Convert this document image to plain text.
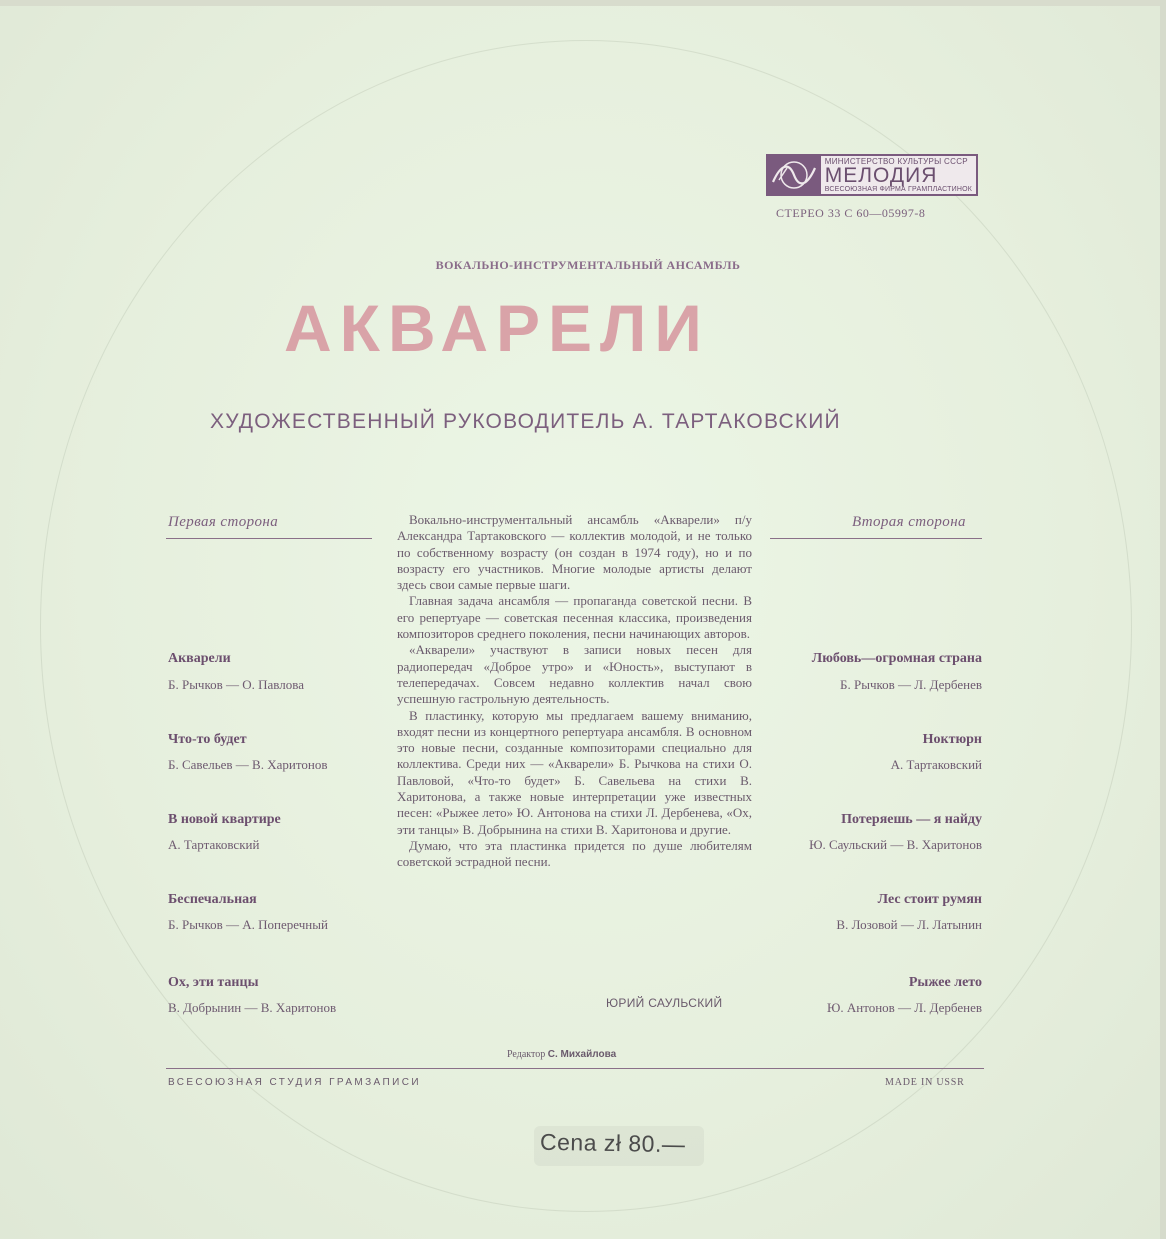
МИНИСТЕРСТВО КУЛЬТУРЫ СССР
МЕЛОДИЯ
ВСЕСОЮЗНАЯ ФИРМА ГРАМПЛАСТИНОК
СТЕРЕО 33 С 60—05997-8
ВОКАЛЬНО-ИНСТРУМЕНТАЛЬНЫЙ АНСАМБЛЬ
АКВАРЕЛИ
ХУДОЖЕСТВЕННЫЙ РУКОВОДИТЕЛЬ А. ТАРТАКОВСКИЙ
Первая сторона
Акварели
Б. Рычков — О. Павлова
Что-то будет
Б. Савельев — В. Харитонов
В новой квартире
А. Тартаковский
Беспечальная
Б. Рычков — А. Поперечный
Ох, эти танцы
В. Добрынин — В. Харитонов
Вторая сторона
Любовь—огромная страна
Б. Рычков — Л. Дербенев
Ноктюрн
А. Тартаковский
Потеряешь — я найду
Ю. Саульский — В. Харитонов
Лес стоит румян
В. Лозовой — Л. Латынин
Рыжее лето
Ю. Антонов — Л. Дербенев

Вокально-инструментальный ансамбль «Акварели» п/у Александра Тартаковского — коллектив молодой, и не только по собственному возрасту (он создан в 1974 году), но и по возрасту его участников. Многие молодые артисты делают здесь свои самые первые шаги.

Главная задача ансамбля — пропаганда советской песни. В его репертуаре — советская песенная классика, произведения композиторов среднего поколения, песни начинающих авторов.

«Акварели» участвуют в записи новых песен для радиопередач «Доброе утро» и «Юность», выступают в телепередачах. Совсем недавно коллектив начал свою успешную гастрольную деятельность.

В пластинку, которую мы предлагаем вашему вниманию, входят песни из концертного репертуара ансамбля. В основном это новые песни, созданные композиторами специально для коллектива. Среди них — «Акварели» Б. Рычкова на стихи О. Павловой, «Что-то будет» Б. Савельева на стихи В. Харитонова, а также новые интерпретации уже известных песен: «Рыжее лето» Ю. Антонова на стихи Л. Дербенева, «Ох, эти танцы» В. Добрынина на стихи В. Харитонова и другие.

Думаю, что эта пластинка придется по душе любителям советской эстрадной песни.

ЮРИЙ САУЛЬСКИЙ
Редактор С. Михайлова
ВСЕСОЮЗНАЯ СТУДИЯ ГРАМЗАПИСИ	MADE IN USSR
Cena zł 80.—
